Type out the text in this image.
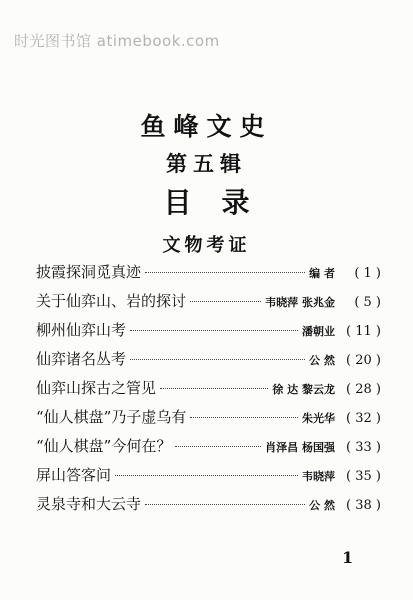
时光图书馆 atimebook.com
鱼峰文史
第五辑
目录
文物考证
披霞探洞觅真迹	编 者	( 1 )
关于仙弈山、岩的探讨	韦晓萍 张兆金	( 5 )
柳州仙弈山考	潘朝业 ( 11 )
仙弈诸名丛考	公 然 ( 20 )
仙弈山探古之管见	徐 达 黎云龙 ( 28 )
“仙人棋盘”乃子虚乌有	朱光华 ( 32 )
“仙人棋盘”今何在？	肖泽昌 杨国强 ( 33 )
屏山答客问	韦晓萍 ( 35 )
灵泉寺和大云寺	公 然 ( 38 )
1
